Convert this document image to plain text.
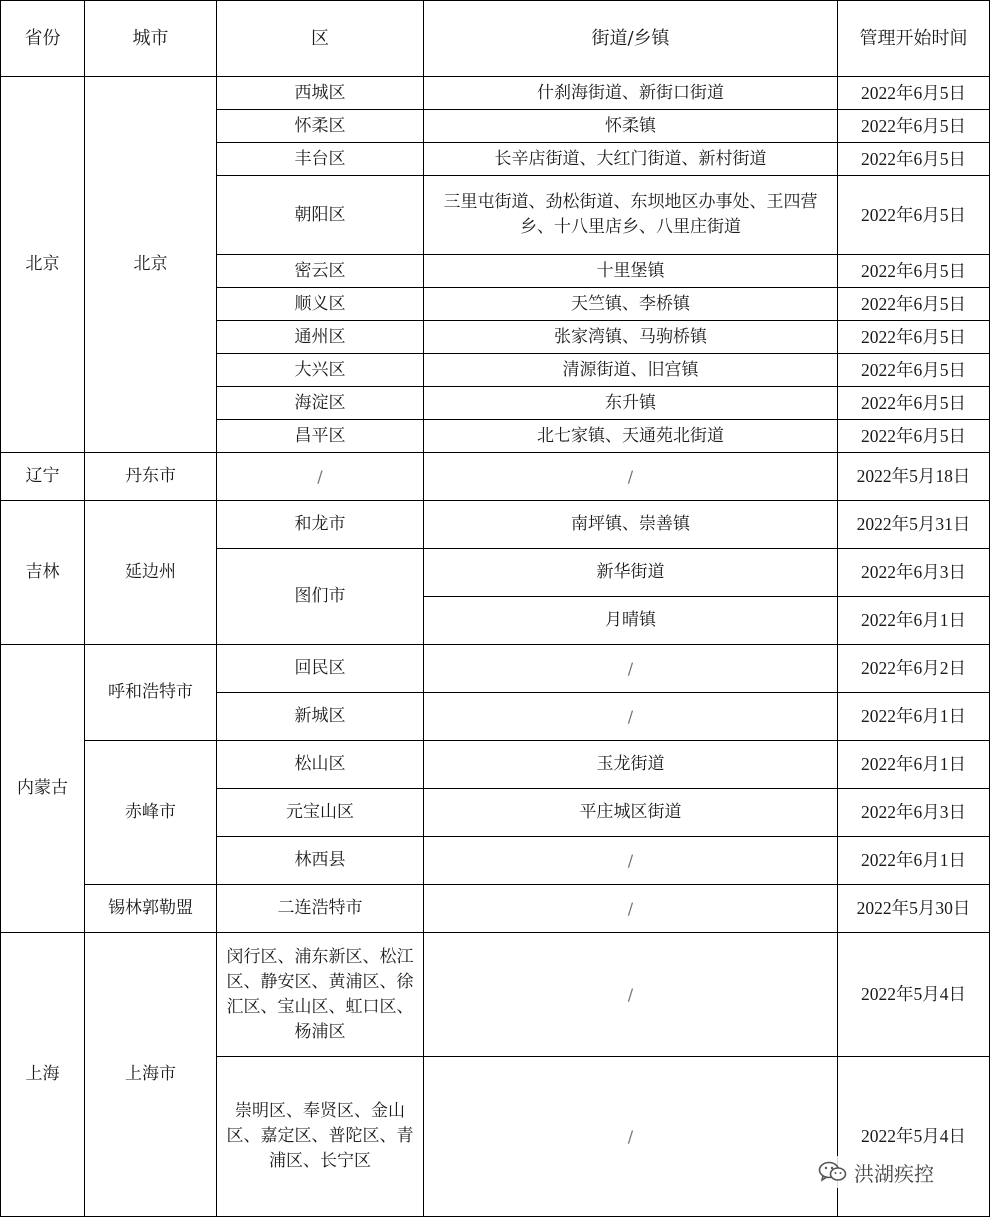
省份	城市	区	街道/乡镇	管理开始时间
北京	北京	西城区	什刹海街道、新街口街道	2022年6月5日
		怀柔区	怀柔镇	2022年6月5日
		丰台区	长辛店街道、大红门街道、新村街道	2022年6月5日
		朝阳区	三里屯街道、劲松街道、东坝地区办事处、王四营乡、十八里店乡、八里庄街道	2022年6月5日
		密云区	十里堡镇	2022年6月5日
		顺义区	天竺镇、李桥镇	2022年6月5日
		通州区	张家湾镇、马驹桥镇	2022年6月5日
		大兴区	清源街道、旧宫镇	2022年6月5日
		海淀区	东升镇	2022年6月5日
		昌平区	北七家镇、天通苑北街道	2022年6月5日
辽宁	丹东市	/	/	2022年5月18日
吉林	延边州	和龙市	南坪镇、崇善镇	2022年5月31日
		图们市	新华街道	2022年6月3日
			月晴镇	2022年6月1日
内蒙古	呼和浩特市	回民区	/	2022年6月2日
		新城区	/	2022年6月1日
	赤峰市	松山区	玉龙街道	2022年6月1日
		元宝山区	平庄城区街道	2022年6月3日
		林西县	/	2022年6月1日
	锡林郭勒盟	二连浩特市	/	2022年5月30日
上海	上海市	闵行区、浦东新区、松江区、静安区、黄浦区、徐汇区、宝山区、虹口区、杨浦区	/	2022年5月4日
		崇明区、奉贤区、金山区、嘉定区、普陀区、青浦区、长宁区	/	2022年5月4日
洪湖疾控
